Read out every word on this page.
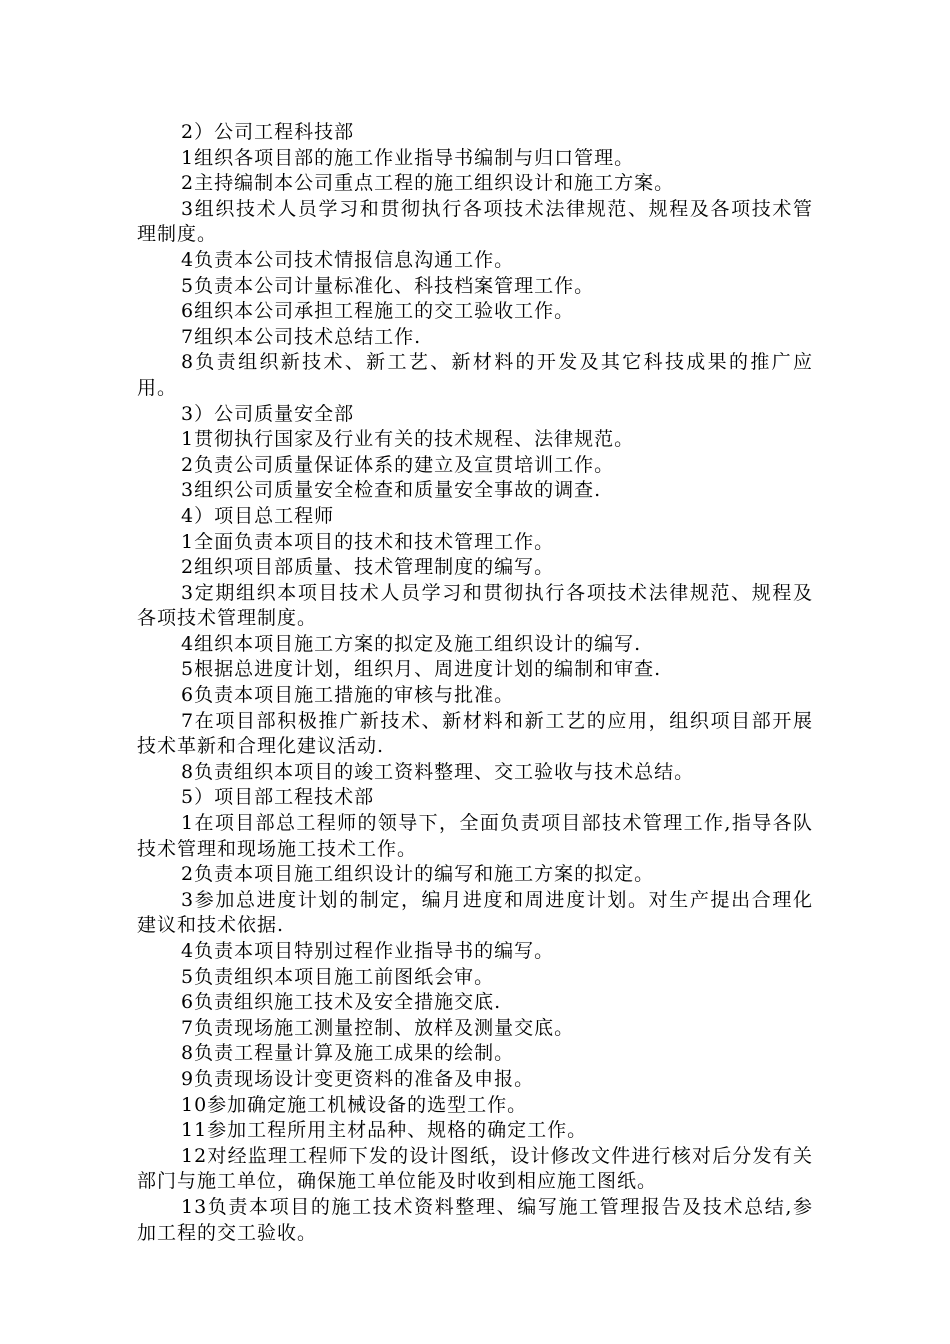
2）公司工程科技部

1组织各项目部的施工作业指导书编制与归口管理。

2主持编制本公司重点工程的施工组织设计和施工方案。

3组织技术人员学习和贯彻执行各项技术法律规范、规程及各项技术管理制度。

4负责本公司技术情报信息沟通工作。

5负责本公司计量标准化、科技档案管理工作。

6组织本公司承担工程施工的交工验收工作。

7组织本公司技术总结工作.

8负责组织新技术、新工艺、新材料的开发及其它科技成果的推广应用。

3）公司质量安全部

1贯彻执行国家及行业有关的技术规程、法律规范。

2负责公司质量保证体系的建立及宣贯培训工作。

3组织公司质量安全检查和质量安全事故的调查.

4）项目总工程师

1全面负责本项目的技术和技术管理工作。

2组织项目部质量、技术管理制度的编写。

3定期组织本项目技术人员学习和贯彻执行各项技术法律规范、规程及各项技术管理制度。

4组织本项目施工方案的拟定及施工组织设计的编写.

5根据总进度计划，组织月、周进度计划的编制和审查.

6负责本项目施工措施的审核与批准。

7在项目部积极推广新技术、新材料和新工艺的应用，组织项目部开展技术革新和合理化建议活动.

8负责组织本项目的竣工资料整理、交工验收与技术总结。

5）项目部工程技术部

1在项目部总工程师的领导下，全面负责项目部技术管理工作,指导各队技术管理和现场施工技术工作。

2负责本项目施工组织设计的编写和施工方案的拟定。

3参加总进度计划的制定，编月进度和周进度计划。对生产提出合理化建议和技术依据.

4负责本项目特别过程作业指导书的编写。

5负责组织本项目施工前图纸会审。

6负责组织施工技术及安全措施交底.

7负责现场施工测量控制、放样及测量交底。

8负责工程量计算及施工成果的绘制。

9负责现场设计变更资料的准备及申报。

10参加确定施工机械设备的选型工作。

11参加工程所用主材品种、规格的确定工作。

12对经监理工程师下发的设计图纸，设计修改文件进行核对后分发有关部门与施工单位，确保施工单位能及时收到相应施工图纸。

13负责本项目的施工技术资料整理、编写施工管理报告及技术总结,参加工程的交工验收。
